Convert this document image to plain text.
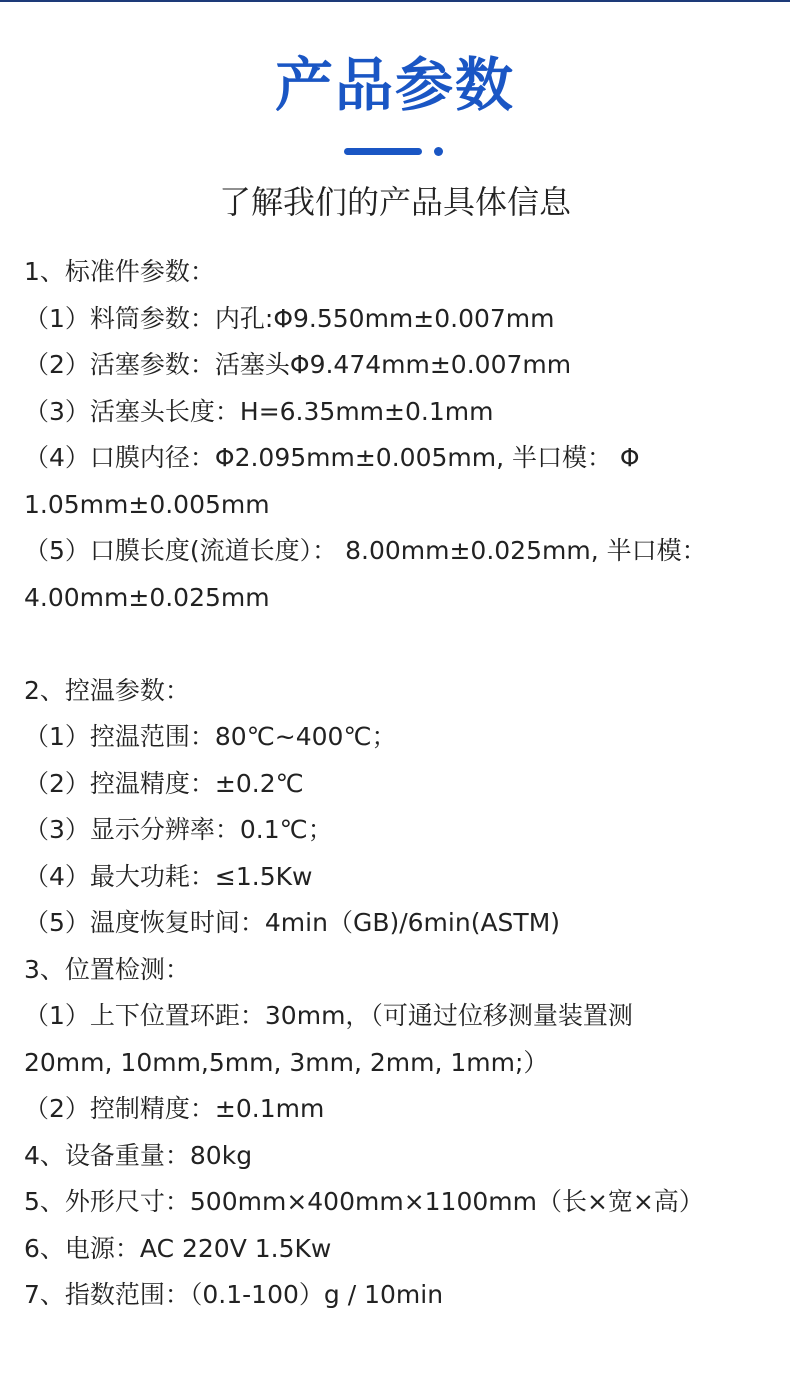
产品参数
了解我们的产品具体信息
1、标准件参数：
（1）料筒参数：内孔:Φ9.550mm±0.007mm
（2）活塞参数：活塞头Φ9.474mm±0.007mm
（3）活塞头长度：H=6.35mm±0.1mm
（4）口膜内径：Φ2.095mm±0.005mm, 半口模： Φ
1.05mm±0.005mm
（5）口膜长度(流道长度）： 8.00mm±0.025mm, 半口模：
4.00mm±0.025mm
2、控温参数：
（1）控温范围：80℃~400℃；
（2）控温精度：±0.2℃
（3）显示分辨率：0.1℃；
（4）最大功耗：≤1.5Kw
（5）温度恢复时间：4min（GB)/6min(ASTM)
3、位置检测：
（1）上下位置环距：30mm，（可通过位移测量装置测
20mm, 10mm,5mm, 3mm, 2mm, 1mm;）
（2）控制精度：±0.1mm
4、设备重量：80kg
5、外形尺寸：500mm×400mm×1100mm（长×宽×高）
6、电源：AC 220V 1.5Kw
7、指数范围：（0.1-100）g / 10min
